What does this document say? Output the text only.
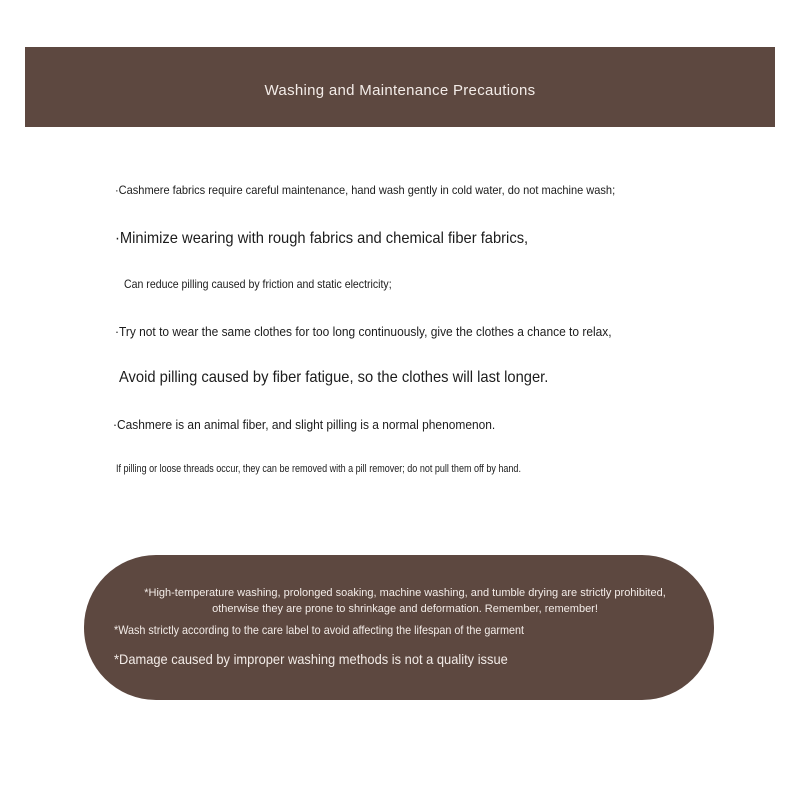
Washing and Maintenance Precautions
·Cashmere fabrics require careful maintenance, hand wash gently in cold water, do not machine wash;
·Minimize wearing with rough fabrics and chemical fiber fabrics,
Can reduce pilling caused by friction and static electricity;
·Try not to wear the same clothes for too long continuously, give the clothes a chance to relax,
Avoid pilling caused by fiber fatigue, so the clothes will last longer.
·Cashmere is an animal fiber, and slight pilling is a normal phenomenon.
If pilling or loose threads occur, they can be removed with a pill remover; do not pull them off by hand.
*High-temperature washing, prolonged soaking, machine washing, and tumble drying are strictly prohibited, otherwise they are prone to shrinkage and deformation. Remember, remember!
*Wash strictly according to the care label to avoid affecting the lifespan of the garment
*Damage caused by improper washing methods is not a quality issue
